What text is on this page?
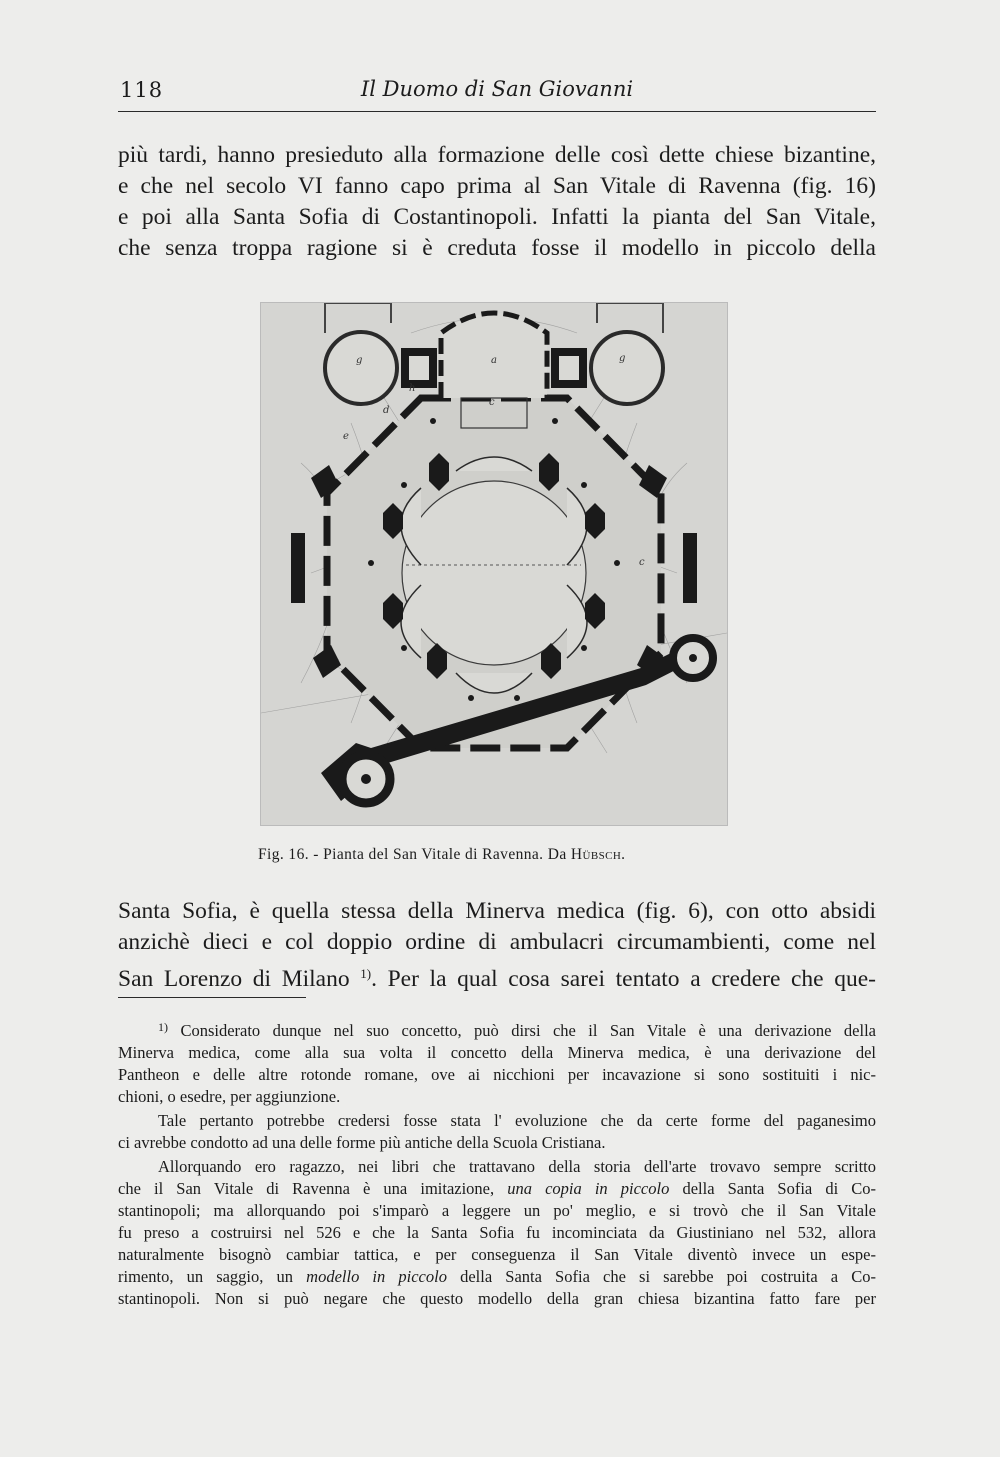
118	Il Duomo di San Giovanni
più tardi, hanno presieduto alla formazione delle così dette chiese bizantine,
e che nel secolo VI fanno capo prima al San Vitale di Ravenna (fig. 16)
e poi alla Santa Sofia di Costantinopoli. Infatti la pianta del San Vitale,
che senza troppa ragione si è creduta fosse il modello in piccolo della
a
g	g
c
c
d
e
h
Fig. 16. - Pianta del San Vitale di Ravenna. Da Hübsch.
Santa Sofia, è quella stessa della Minerva medica (fig. 6), con otto absidi
anzichè dieci e col doppio ordine di ambulacri circumambienti, come nel
San Lorenzo di Milano $^{1)}$. Per la qual cosa sarei tentato a credere che que-
$^{1)}$ Considerato dunque nel suo concetto, può dirsi che il San Vitale è una derivazione della
Minerva medica, come alla sua volta il concetto della Minerva medica, è una derivazione del
Pantheon e delle altre rotonde romane, ove ai nicchioni per incavazione si sono sostituiti i nic-
chioni, o esedre, per aggiunzione.
Tale pertanto potrebbe credersi fosse stata l' evoluzione che da certe forme del paganesimo
ci avrebbe condotto ad una delle forme più antiche della Scuola Cristiana.
Allorquando ero ragazzo, nei libri che trattavano della storia dell'arte trovavo sempre scritto
che il San Vitale di Ravenna è una imitazione, una copia in piccolo della Santa Sofia di Co-
stantinopoli; ma allorquando poi s'imparò a leggere un po' meglio, e si trovò che il San Vitale
fu preso a costruirsi nel 526 e che la Santa Sofia fu incominciata da Giustiniano nel 532, allora
naturalmente bisognò cambiar tattica, e per conseguenza il San Vitale diventò invece un espe-
rimento, un saggio, un modello in piccolo della Santa Sofia che si sarebbe poi costruita a Co-
stantinopoli. Non si può negare che questo modello della gran chiesa bizantina fatto fare per
